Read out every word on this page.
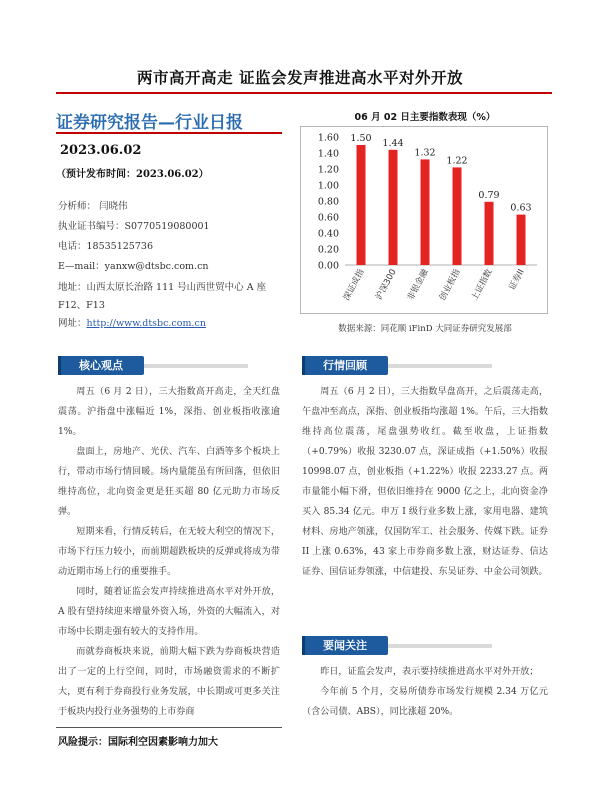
两市高开高走 证监会发声推进高水平对外开放
证券研究报告—行业日报
2023.06.02
（预计发布时间：2023.06.02）
分析师： 闫晓伟
执业证书编号：S0770519080001
电话：18535125736
E—mail：yanxw@dtsbc.com.cn
地址：山西太原长治路 111 号山西世贸中心 A 座
F12、F13
网址：http://www.dtsbc.com.cn
06 月 02 日主要指数表现（%）
0.00
0.20
0.40
0.60
0.80
1.00
1.20
1.40
1.60 1.50
深证成指
1.44
沪深300
1.32
非银金融
1.22
创业板指
0.79
上证指数
0.63
证券II
数据来源：同花顺 iFinD 大同证券研究发展部
核心观点

周五（6 月 2 日），三大指数高开高走，全天红盘震荡。沪指盘中涨幅近 1%，深指、创业板指收涨逾 1%。

盘面上，房地产、光伏、汽车、白酒等多个板块上行，带动市场行情回暖。场内量能虽有所回落，但依旧维持高位，北向资金更是狂买超 80 亿元助力市场反弹。

短期来看，行情反转后，在无较大利空的情况下，市场下行压力较小，而前期超跌板块的反弹或将成为带动近期市场上行的重要推手。

同时，随着证监会发声持续推进高水平对外开放，A 股有望持续迎来增量外资入场，外资的大幅流入，对市场中长期走强有较大的支持作用。

而就券商板块来说，前期大幅下跌为券商板块营造出了一定的上行空间，同时，市场融资需求的不断扩大，更有利于券商投行业务发展，中长期或可更多关注于板块内投行业务强势的上市券商

风险提示：国际利空因素影响力加大
行情回顾

周五（6 月 2 日），三大指数早盘高开，之后震荡走高，午盘冲至高点，深指、创业板指均涨超 1%。午后，三大指数维持高位震荡，尾盘强势收红。截至收盘，上证指数（+0.79%）收报 3230.07 点，深证成指（+1.50%）收报 10998.07 点，创业板指（+1.22%）收报 2233.27 点。两市量能小幅下滑，但依旧维持在 9000 亿之上，北向资金净买入 85.34 亿元。申万 I 级行业多数上涨，家用电器、建筑材料、房地产领涨，仅国防军工、社会服务、传媒下跌。证券 II 上涨 0.63%，43 家上市券商多数上涨，财达证券、信达证券、国信证券领涨，中信建投、东吴证券、中金公司领跌。

要闻关注

昨日，证监会发声，表示要持续推进高水平对外开放；

今年前 5 个月，交易所债券市场发行规模 2.34 万亿元（含公司债、ABS），同比涨超 20%。
